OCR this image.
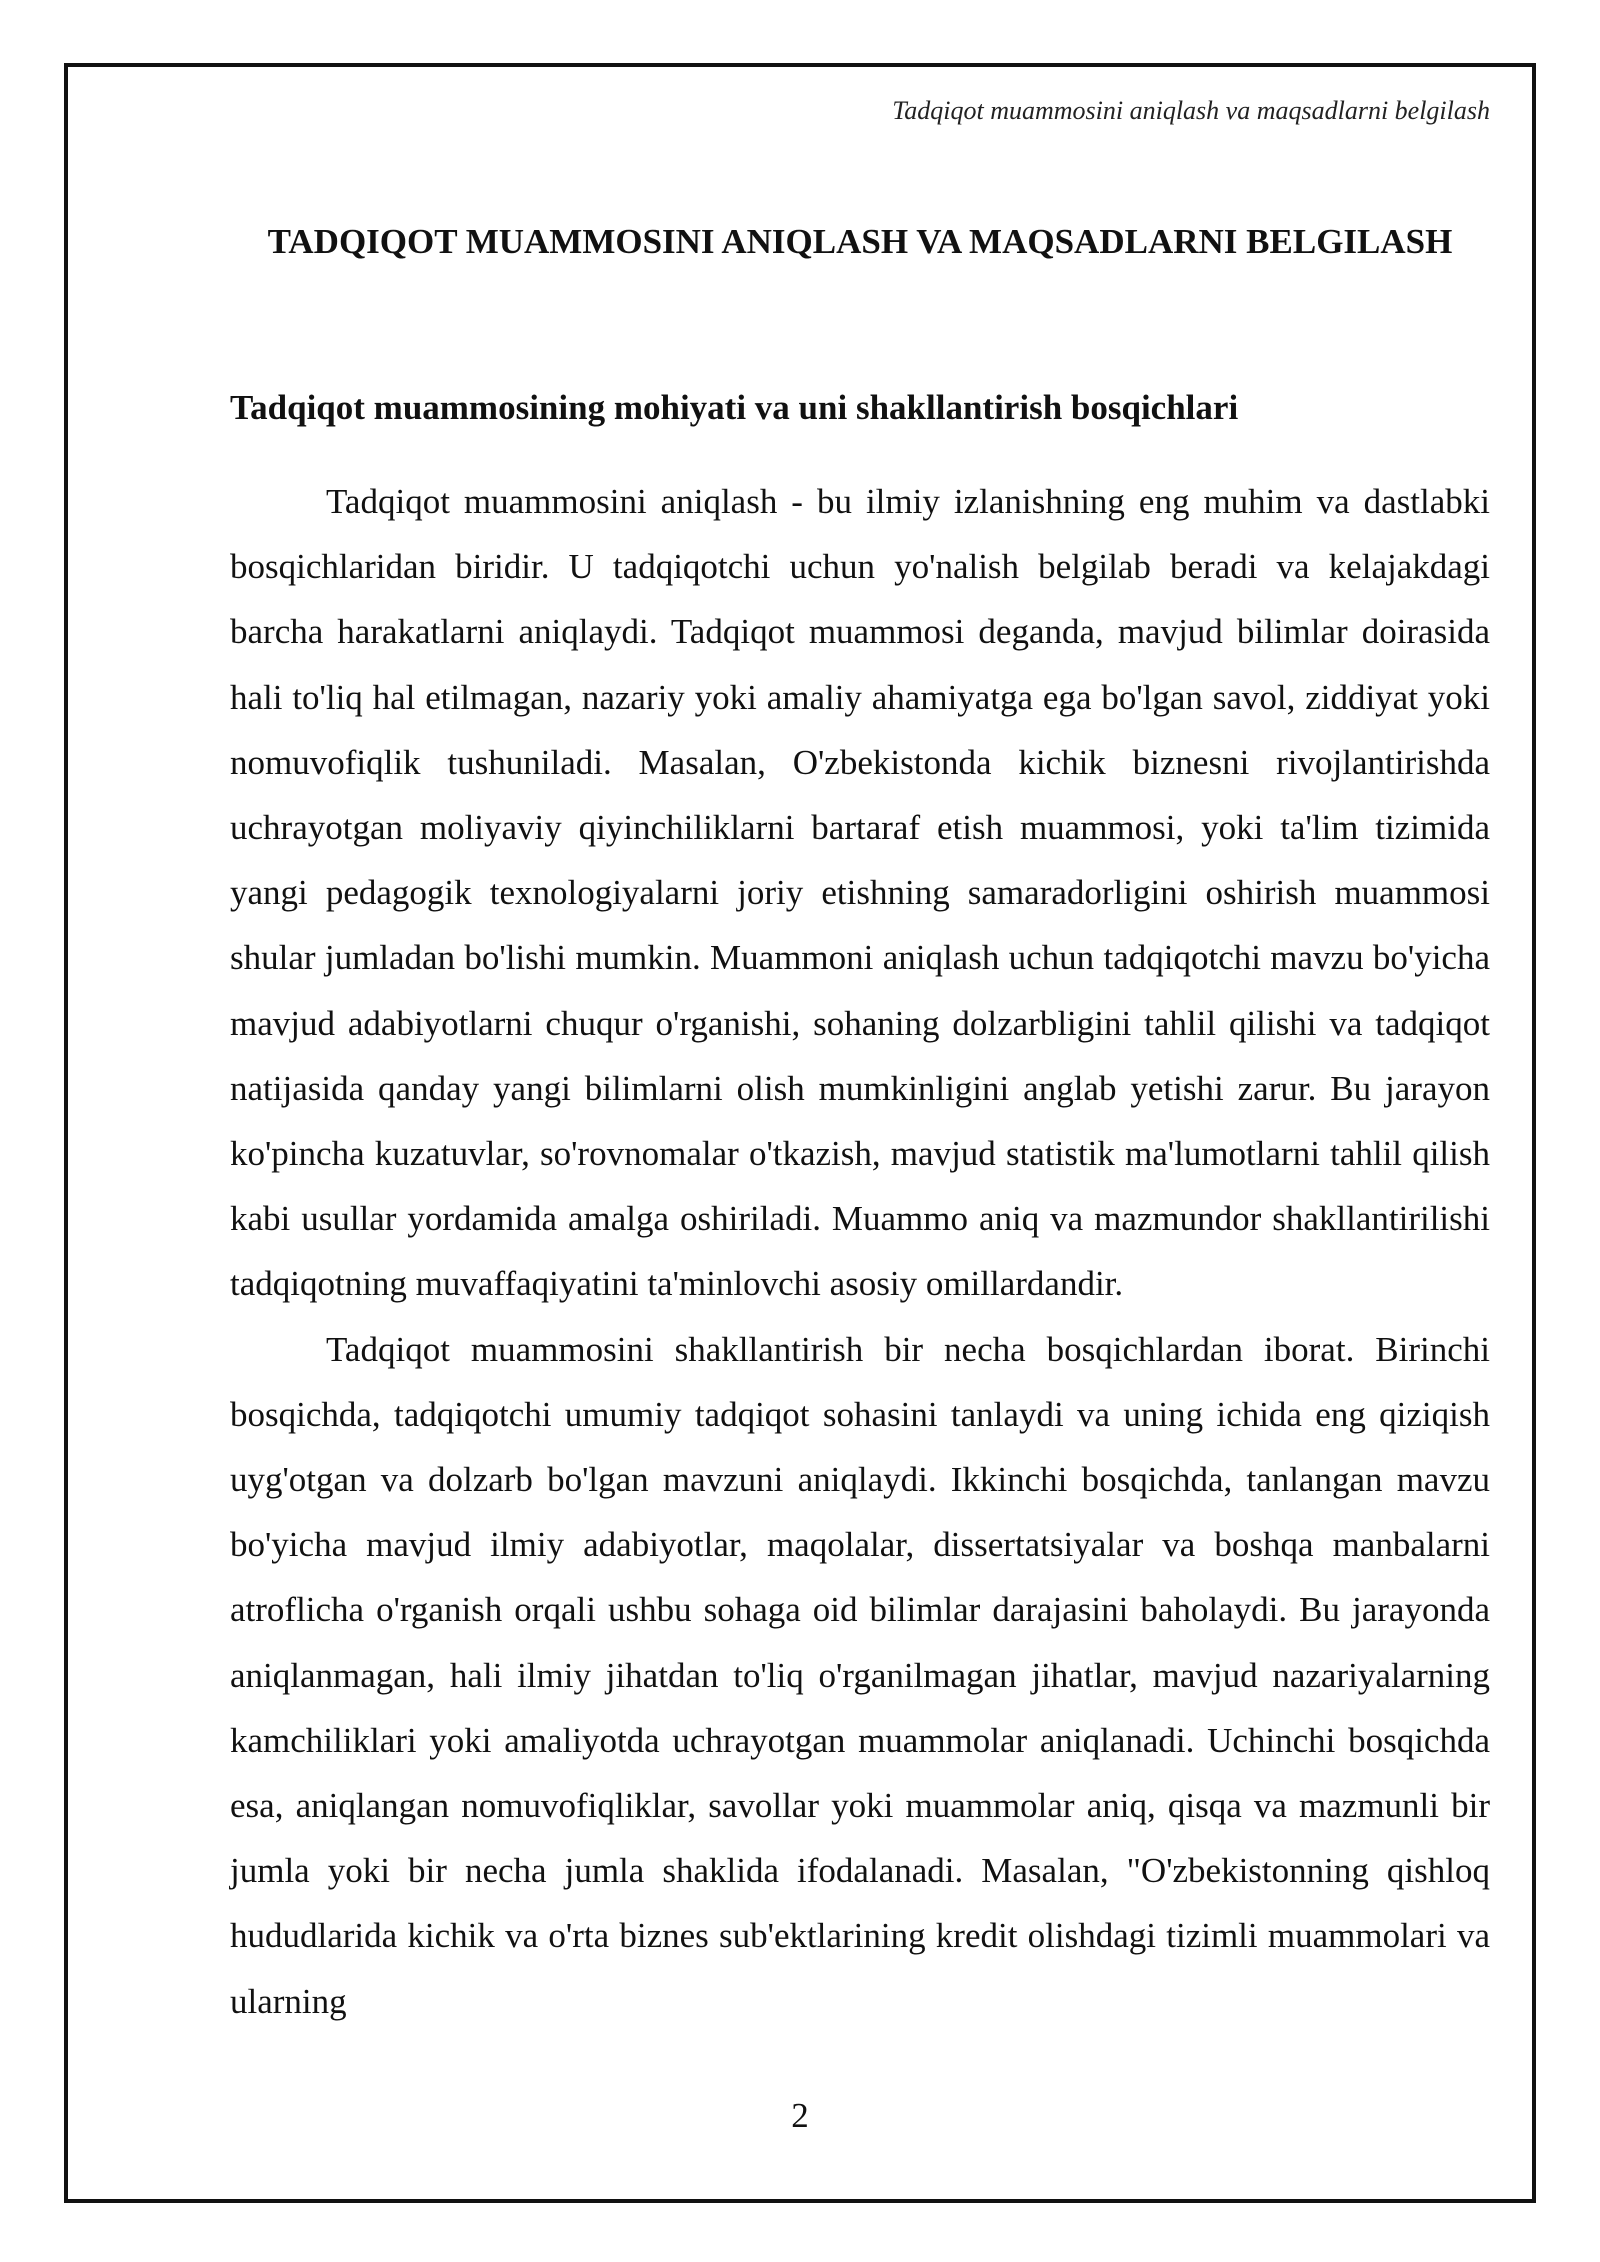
Tadqiqot muammosini aniqlash va maqsadlarni belgilash
TADQIQOT MUAMMOSINI ANIQLASH VA MAQSADLARNI BELGILASH
Tadqiqot muammosining mohiyati va uni shakllantirish bosqichlari

Tadqiqot muammosini aniqlash - bu ilmiy izlanishning eng muhim va dastlabki bosqichlaridan biridir. U tadqiqotchi uchun yo'nalish belgilab beradi va kelajakdagi barcha harakatlarni aniqlaydi. Tadqiqot muammosi deganda, mavjud bilimlar doirasida hali to'liq hal etilmagan, nazariy yoki amaliy ahamiyatga ega bo'lgan savol, ziddiyat yoki nomuvofiqlik tushuniladi. Masalan, O'zbekistonda kichik biznesni rivojlantirishda uchrayotgan moliyaviy qiyinchiliklarni bartaraf etish muammosi, yoki ta'lim tizimida yangi pedagogik texnologiyalarni joriy etishning samaradorligini oshirish muammosi shular jumladan bo'lishi mumkin. Muammoni aniqlash uchun tadqiqotchi mavzu bo'yicha mavjud adabiyotlarni chuqur o'rganishi, sohaning dolzarbligini tahlil qilishi va tadqiqot natijasida qanday yangi bilimlarni olish mumkinligini anglab yetishi zarur. Bu jarayon ko'pincha kuzatuvlar, so'rovnomalar o'tkazish, mavjud statistik ma'lumotlarni tahlil qilish kabi usullar yordamida amalga oshiriladi. Muammo aniq va mazmundor shakllantirilishi tadqiqotning muvaffaqiyatini ta'minlovchi asosiy omillardandir.

Tadqiqot muammosini shakllantirish bir necha bosqichlardan iborat. Birinchi bosqichda, tadqiqotchi umumiy tadqiqot sohasini tanlaydi va uning ichida eng qiziqish uyg'otgan va dolzarb bo'lgan mavzuni aniqlaydi. Ikkinchi bosqichda, tanlangan mavzu bo'yicha mavjud ilmiy adabiyotlar, maqolalar, dissertatsiyalar va boshqa manbalarni atroflicha o'rganish orqali ushbu sohaga oid bilimlar darajasini baholaydi. Bu jarayonda aniqlanmagan, hali ilmiy jihatdan to'liq o'rganilmagan jihatlar, mavjud nazariyalarning kamchiliklari yoki amaliyotda uchrayotgan muammolar aniqlanadi. Uchinchi bosqichda esa, aniqlangan nomuvofiqliklar, savollar yoki muammolar aniq, qisqa va mazmunli bir jumla yoki bir necha jumla shaklida ifodalanadi. Masalan, "O'zbekistonning qishloq hududlarida kichik va o'rta biznes sub'ektlarining kredit olishdagi tizimli muammolari va ularning

2
